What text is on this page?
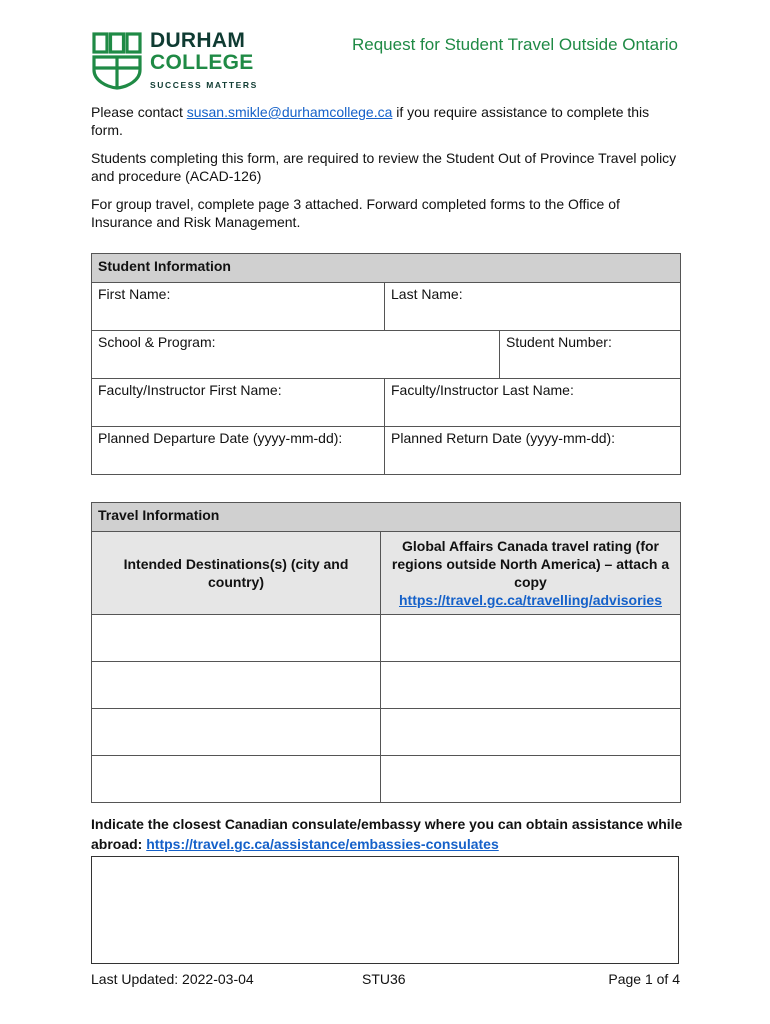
DURHAM
COLLEGE
SUCCESS MATTERS
Request for Student Travel Outside Ontario

Please contact susan.smikle@durhamcollege.ca if you require assistance to complete this form.

Students completing this form, are required to review the Student Out of Province Travel policy and procedure (ACAD-126)

For group travel, complete page 3 attached. Forward completed forms to the Office of Insurance and Risk Management.

Student Information		
First Name:	Last Name:	
School & Program:		Student Number:
Faculty/Instructor First Name:	Faculty/Instructor Last Name:	
Planned Departure Date (yyyy-mm-dd):	Planned Return Date (yyyy-mm-dd):	
Travel Information	
Intended Destinations(s) (city and country)	Global Affairs Canada travel rating (for regions outside North America) – attach a copy
https://travel.gc.ca/travelling/advisories

Indicate the closest Canadian consulate/embassy where you can obtain assistance while abroad: https://travel.gc.ca/assistance/embassies-consulates
Last Updated: 2022-03-04	STU36	Page 1 of 4
